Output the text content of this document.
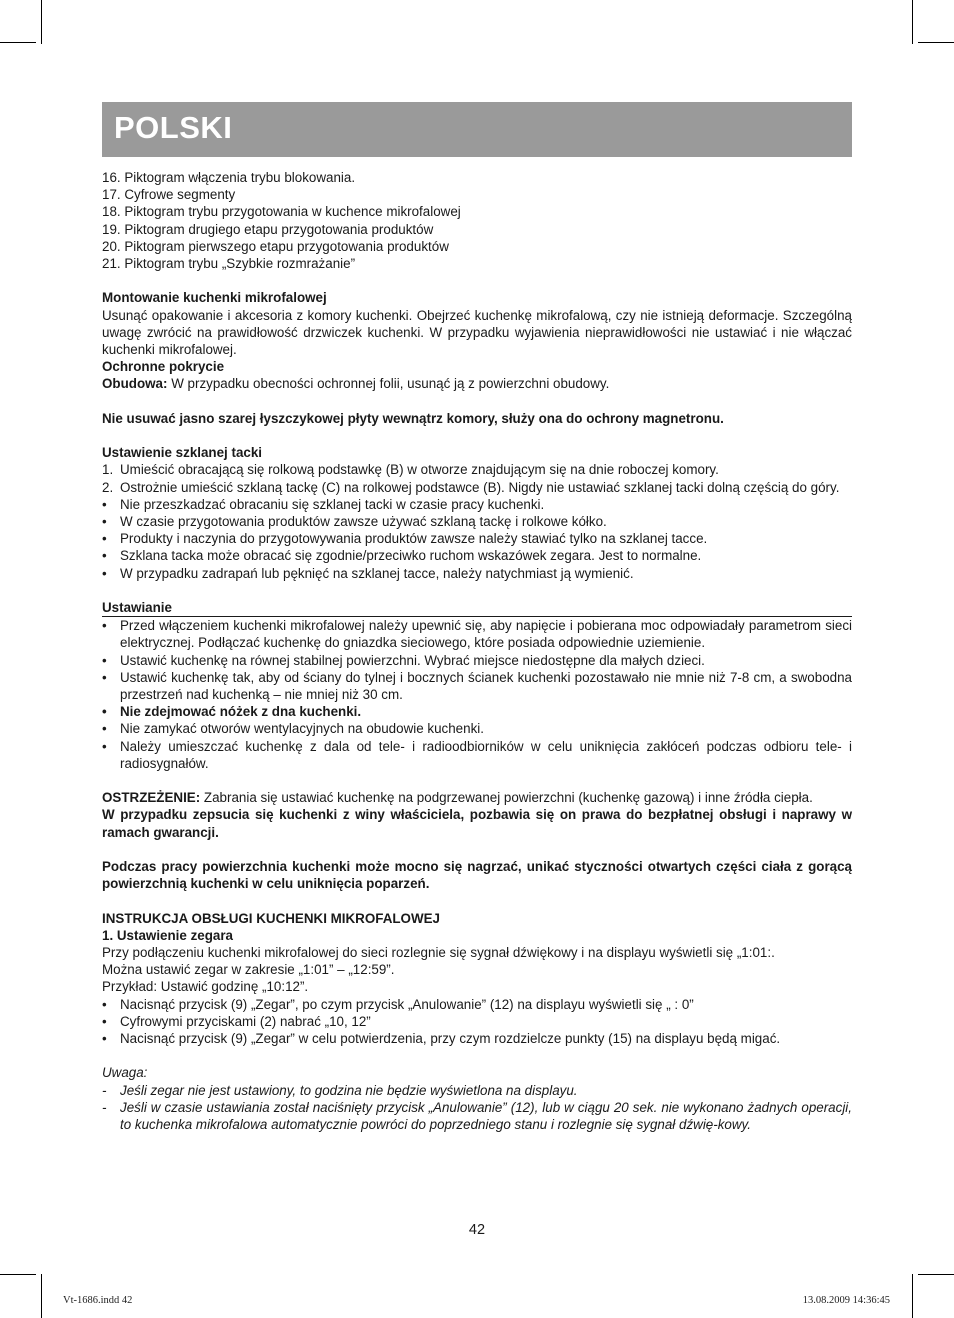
POLSKI

16. Piktogram włączenia trybu blokowania.

17. Cyfrowe segmenty

18. Piktogram trybu przygotowania w kuchence mikrofalowej

19. Piktogram drugiego etapu przygotowania produktów

20. Piktogram pierwszego etapu przygotowania produktów

21. Piktogram trybu „Szybkie rozmrażanie”

Montowanie kuchenki mikrofalowej

Usunąć opakowanie i akcesoria z komory kuchenki. Obejrzeć kuchenkę mikrofalową, czy nie istnieją deformacje. Szczególną uwagę zwrócić na prawidłowość drzwiczek kuchenki. W przypadku wyjawienia nieprawidłowości nie ustawiać i nie włączać kuchenki mikrofalowej.

Ochronne pokrycie

Obudowa: W przypadku obecności ochronnej folii, usunąć ją z powierzchni obudowy.

Nie usuwać jasno szarej łyszczykowej płyty wewnątrz komory, służy ona do ochrony magnetronu.

Ustawienie szklanej tacki

1. Umieścić obracającą się rolkową podstawkę (B) w otworze znajdującym się na dnie roboczej komory.
2. Ostrożnie umieścić szklaną tackę (C) na rolkowej podstawce (B). Nigdy nie ustawiać szklanej tacki dolną częścią do góry.
• Nie przeszkadzać obracaniu się szklanej tacki w czasie pracy kuchenki.
• W czasie przygotowania produktów zawsze używać szklaną tackę i rolkowe kółko.
• Produkty i naczynia do przygotowywania produktów zawsze należy stawiać tylko na szklanej tacce.
• Szklana tacka może obracać się zgodnie/przeciwko ruchom wskazówek zegara. Jest to normalne.
• W przypadku zadrapań lub pęknięć na szklanej tacce, należy natychmiast ją wymienić.

Ustawianie

• Przed włączeniem kuchenki mikrofalowej należy upewnić się, aby napięcie i pobierana moc odpowiadały parametrom sieci elektrycznej. Podłączać kuchenkę do gniazdka sieciowego, które posiada odpowiednie uziemienie.
• Ustawić kuchenkę na równej stabilnej powierzchni. Wybrać miejsce niedostępne dla małych dzieci.
• Ustawić kuchenkę tak, aby od ściany do tylnej i bocznych ścianek kuchenki pozostawało nie mnie niż 7-8 cm, a swobodna przestrzeń nad kuchenką – nie mniej niż 30 cm.
• Nie zdejmować nóżek z dna kuchenki.
• Nie zamykać otworów wentylacyjnych na obudowie kuchenki.
• Należy umieszczać kuchenkę z dala od tele- i radioodbiorników w celu uniknięcia zakłóceń podczas odbioru tele- i radiosygnałów.

OSTRZEŻENIE: Zabrania się ustawiać kuchenkę na podgrzewanej powierzchni (kuchenkę gazową) i inne źródła ciepła.

W przypadku zepsucia się kuchenki z winy właściciela, pozbawia się on prawa do bezpłatnej obsługi i naprawy w ramach gwarancji.

Podczas pracy powierzchnia kuchenki może mocno się nagrzać, unikać styczności otwartych części ciała z gorącą powierzchnią kuchenki w celu uniknięcia poparzeń.

INSTRUKCJA OBSŁUGI KUCHENKI MIKROFALOWEJ

1. Ustawienie zegara

Przy podłączeniu kuchenki mikrofalowej do sieci rozlegnie się sygnał dźwiękowy i na displayu wyświetli się „1:01:.

Można ustawić zegar w zakresie „1:01” – „12:59”.

Przykład: Ustawić godzinę „10:12”.

• Nacisnąć przycisk (9) „Zegar”, po czym przycisk „Anulowanie” (12) na displayu wyświetli się „ : 0”
• Cyfrowymi przyciskami (2) nabrać „10, 12”
• Nacisnąć przycisk (9) „Zegar” w celu potwierdzenia, przy czym rozdzielcze punkty (15) na displayu będą migać.

Uwaga:

- Jeśli zegar nie jest ustawiony, to godzina nie będzie wyświetlona na displayu.
- Jeśli w czasie ustawiania został naciśnięty przycisk „Anulowanie” (12), lub w ciągu 20 sek. nie wykonano żadnych operacji, to kuchenka mikrofalowa automatycznie powróci do poprzedniego stanu i rozlegnie się sygnał dźwię-kowy.
42
Vt-1686.indd 42	13.08.2009 14:36:45
